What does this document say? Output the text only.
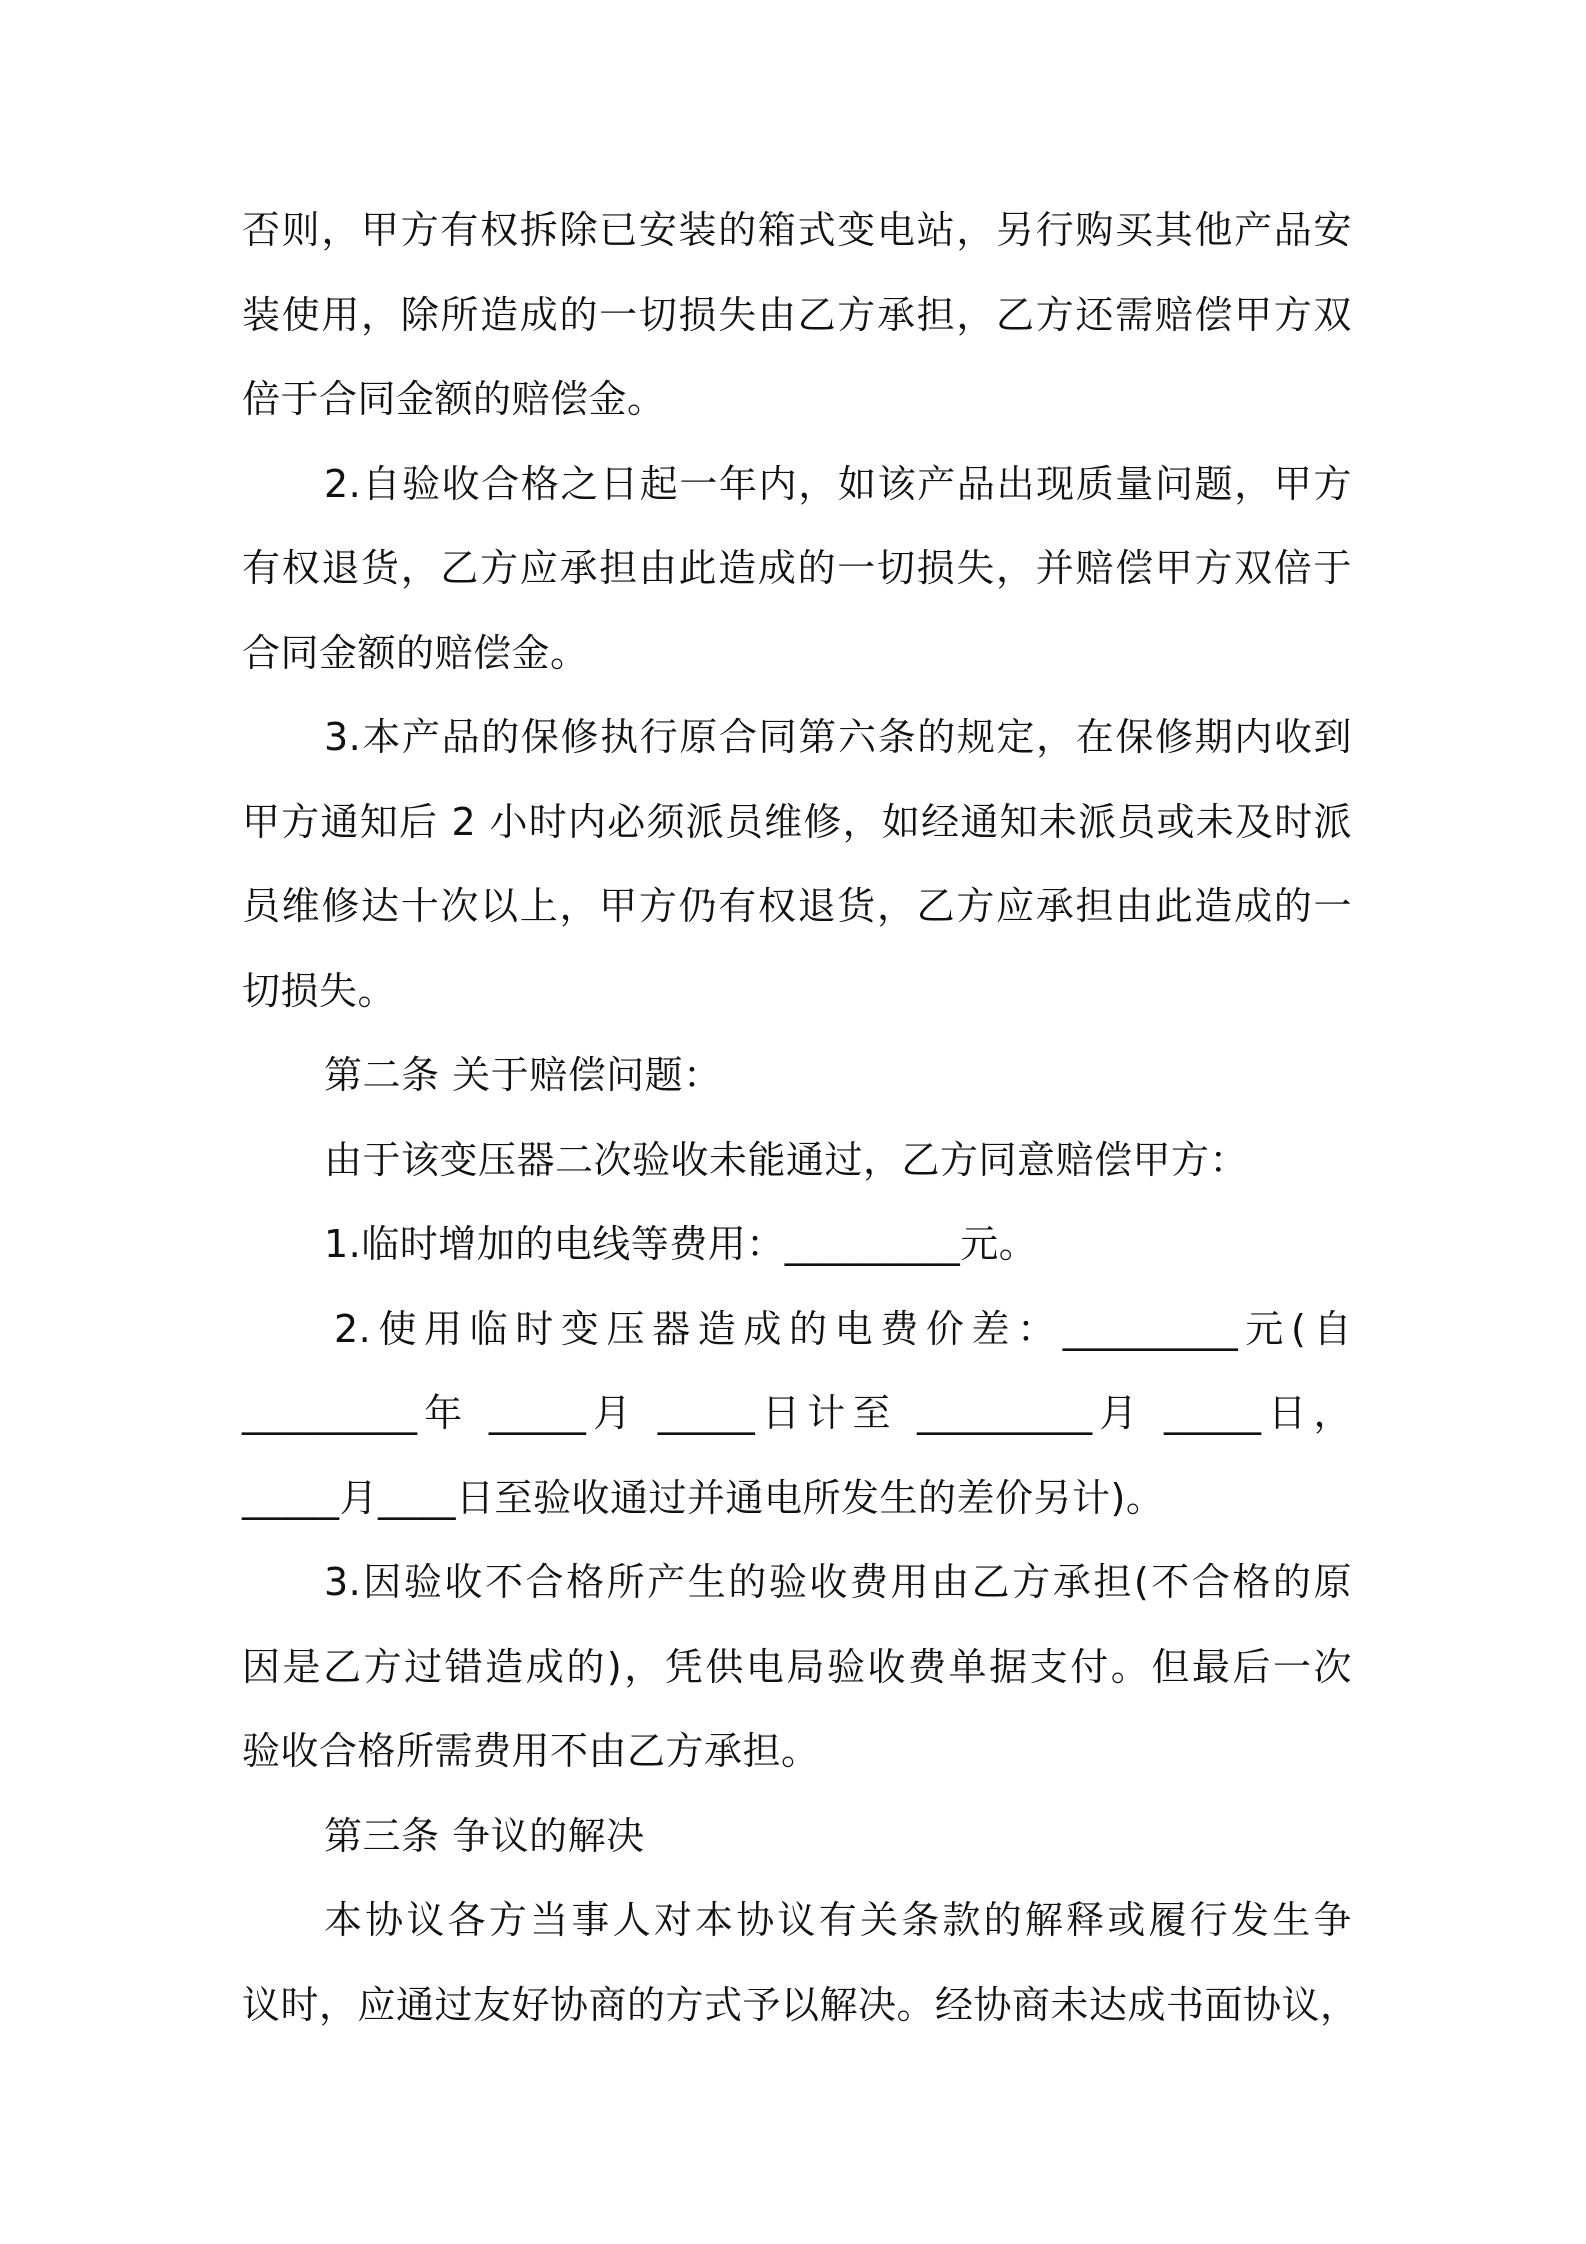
否则，甲方有权拆除已安装的箱式变电站，另行购买其他产品安
装使用，除所造成的一切损失由乙方承担，乙方还需赔偿甲方双
倍于合同金额的赔偿金。
2.自验收合格之日起一年内，如该产品出现质量问题，甲方
有权退货，乙方应承担由此造成的一切损失，并赔偿甲方双倍于
合同金额的赔偿金。
3.本产品的保修执行原合同第六条的规定，在保修期内收到
甲方通知后 2 小时内必须派员维修，如经通知未派员或未及时派
员维修达十次以上，甲方仍有权退货，乙方应承担由此造成的一
切损失。
第二条 关于赔偿问题：
由于该变压器二次验收未能通过，乙方同意赔偿甲方：
1.临时增加的电线等费用：_________元。
2.使用临时变压器造成的电费价差：_________元(自
_________年 _____月 _____日计至 _________月 _____日，
_____月____日至验收通过并通电所发生的差价另计)。
3.因验收不合格所产生的验收费用由乙方承担(不合格的原
因是乙方过错造成的)，凭供电局验收费单据支付。但最后一次
验收合格所需费用不由乙方承担。
第三条 争议的解决
本协议各方当事人对本协议有关条款的解释或履行发生争
议时，应通过友好协商的方式予以解决。经协商未达成书面协议，
